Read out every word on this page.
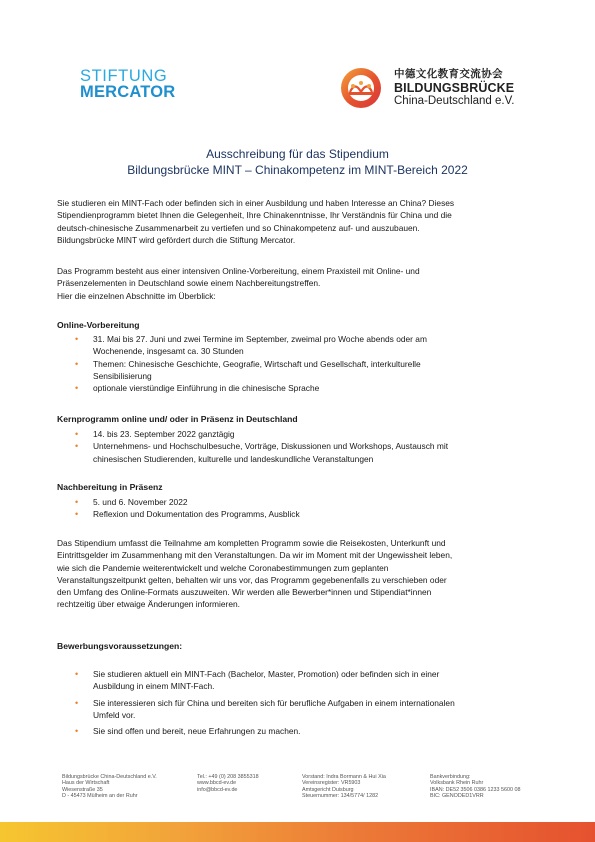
STIFTUNG
MERCATOR
中德文化教育交流协会
BILDUNGSBRÜCKE
China-Deutschland e.V.
Ausschreibung für das Stipendium
Bildungsbrücke MINT – Chinakompetenz im MINT-Bereich 2022
Sie studieren ein MINT-Fach oder befinden sich in einer Ausbildung und haben Interesse an China? Dieses
Stipendienprogramm bietet Ihnen die Gelegenheit, Ihre Chinakenntnisse, Ihr Verständnis für China und die
deutsch-chinesische Zusammenarbeit zu vertiefen und so Chinakompetenz auf- und auszubauen.
Bildungsbrücke MINT wird gefördert durch die Stiftung Mercator.
Das Programm besteht aus einer intensiven Online-Vorbereitung, einem Praxisteil mit Online- und
Präsenzelementen in Deutschland sowie einem Nachbereitungstreffen.
Hier die einzelnen Abschnitte im Überblick:
Online-Vorbereitung
• 31. Mai bis 27. Juni und zwei Termine im September, zweimal pro Woche abends oder am
Wochenende, insgesamt ca. 30 Stunden
• Themen: Chinesische Geschichte, Geografie, Wirtschaft und Gesellschaft, interkulturelle
Sensibilisierung
• optionale vierstündige Einführung in die chinesische Sprache
Kernprogramm online und/ oder in Präsenz in Deutschland
• 14. bis 23. September 2022 ganztägig
• Unternehmens- und Hochschulbesuche, Vorträge, Diskussionen und Workshops, Austausch mit
chinesischen Studierenden, kulturelle und landeskundliche Veranstaltungen
Nachbereitung in Präsenz
• 5. und 6. November 2022
• Reflexion und Dokumentation des Programms, Ausblick
Das Stipendium umfasst die Teilnahme am kompletten Programm sowie die Reisekosten, Unterkunft und
Eintrittsgelder im Zusammenhang mit den Veranstaltungen. Da wir im Moment mit der Ungewissheit leben,
wie sich die Pandemie weiterentwickelt und welche Coronabestimmungen zum geplanten
Veranstaltungszeitpunkt gelten, behalten wir uns vor, das Programm gegebenenfalls zu verschieben oder
den Umfang des Online-Formats auszuweiten. Wir werden alle Bewerber*innen und Stipendiat*innen
rechtzeitig über etwaige Änderungen informieren.
Bewerbungsvoraussetzungen:
• Sie studieren aktuell ein MINT-Fach (Bachelor, Master, Promotion) oder befinden sich in einer
Ausbildung in einem MINT-Fach.
• Sie interessieren sich für China und bereiten sich für berufliche Aufgaben in einem internationalen
Umfeld vor.
• Sie sind offen und bereit, neue Erfahrungen zu machen.
Bildungsbrücke China-Deutschland e.V.
Haus der Wirtschaft
Wiesenstraße 35
D - 45473 Mülheim an der Ruhr
Tel.: +49 (0) 208 3855318
www.bbcd-ev.de
info@bbcd-ev.de
Vorstand: Indra Bormann & Hui Xia
Vereinsregister: VR5903
Amtsgericht Duisburg
Steuernummer: 134/5774/ 1282
Bankverbindung:
Volksbank Rhein Ruhr
IBAN: DE52 3506 0386 1233 5600 08
BIC: GENODED1VRR
